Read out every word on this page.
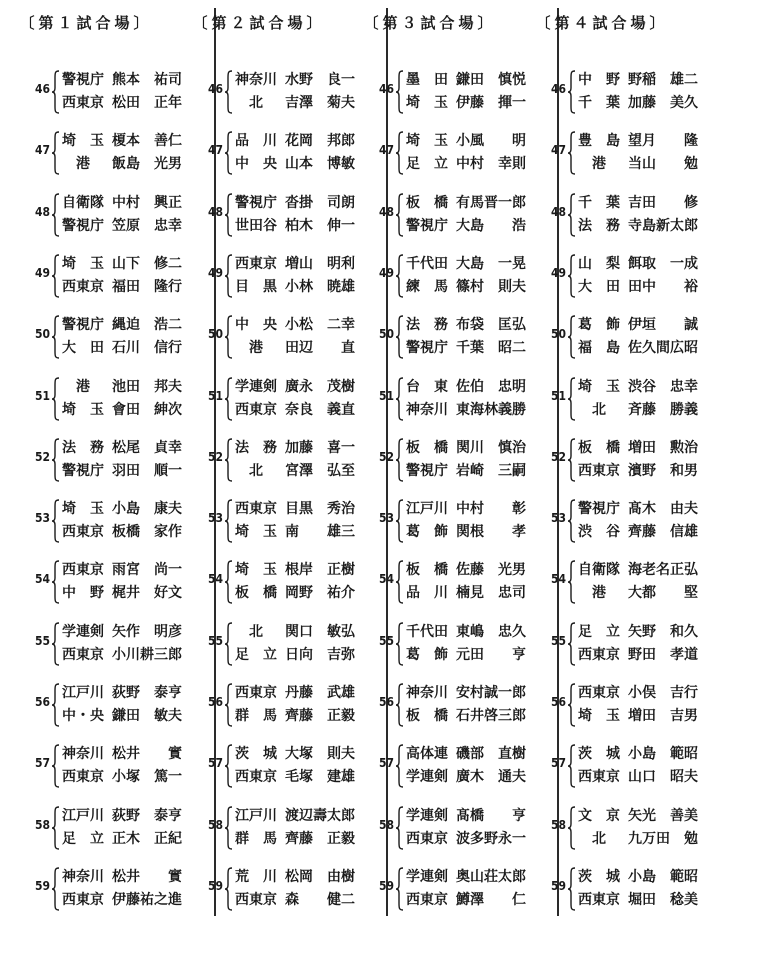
〔第１試合場〕
46
警視庁 熊本　祐司
西東京 松田　正年
47
埼　玉 榎本　善仁
　港	飯島　光男
48
自衛隊 中村　興正
警視庁 笠原　忠幸
49
埼　玉 山下　修二
西東京 福田　隆行
50
警視庁 縄迫　浩二
大　田 石川　信行
51
　港	池田　邦夫
埼　玉 會田　紳次
52
法　務 松尾　貞幸
警視庁 羽田　順一
53
埼　玉 小島　康夫
西東京 板橋　家作
54
西東京 雨宮　尚一
中　野 梶井　好文
55
学連剣 矢作　明彦
西東京 小川耕三郎
56
江戸川 荻野　泰亨
中・央 鎌田　敏夫
57
神奈川 松井　　實
西東京 小塚　篤一
58
江戸川 荻野　泰亨
足　立 正木　正紀
59
神奈川 松井　　實
西東京 伊藤祐之進
〔第２試合場〕
46
神奈川 水野　良一
　北	吉澤　菊夫
47
品　川 花岡　邦郎
中　央 山本　博敏
48
警視庁 沓掛　司朗
世田谷 柏木　伸一
49
西東京 増山　明利
目　黒 小林　暁雄
50
中　央 小松　二幸
　港	田辺　　直
51
学連剣 廣永　茂樹
西東京 奈良　義直
52
法　務 加藤　喜一
　北	宮澤　弘至
53
西東京 目黒　秀治
埼　玉 南　　雄三
54
埼　玉 根岸　正樹
板　橋 岡野　祐介
55
　北	関口　敏弘
足　立 日向　吉弥
56
西東京 丹藤　武雄
群　馬 齊藤　正毅
57
茨　城 大塚　則夫
西東京 毛塚　建雄
58
江戸川 渡辺壽太郎
群　馬 齊藤　正毅
59
荒　川 松岡　由樹
西東京 森　　健二
〔第３試合場〕
46
墨　田 鎌田　慎悦
埼　玉 伊藤　揮一
47
埼　玉 小風　　明
足　立 中村　幸則
48
板　橋 有馬晋一郎
警視庁 大島　　浩
49
千代田 大島　一晃
練　馬 篠村　則夫
50
法　務 布袋　匡弘
警視庁 千葉　昭二
51
台　東 佐伯　忠明
神奈川 東海林義勝
52
板　橋 関川　慎治
警視庁 岩崎　三嗣
53
江戸川 中村　　彰
葛　飾 関根　　孝
54
板　橋 佐藤　光男
品　川 楠見　忠司
55
千代田 東嶋　忠久
葛　飾 元田　　亨
56
神奈川 安村誠一郎
板　橋 石井啓三郎
57
高体連 磯部　直樹
学連剣 廣木　通夫
58
学連剣 髙橋　　亨
西東京 波多野永一
59
学連剣 奥山荘太郎
西東京 鱒澤　　仁
〔第４試合場〕
46
中　野 野稲　雄二
千　葉 加藤　美久
47
豊　島 望月　　隆
　港	当山　　勉
48
千　葉 吉田　　修
法　務 寺島新太郎
49
山　梨 餌取　一成
大　田 田中　　裕
50
葛　飾 伊垣　　誠
福　島 佐久間広昭
51
埼　玉 渋谷　忠幸
　北	斉藤　勝義
52
板　橋 増田　勲治
西東京 濱野　和男
53
警視庁 髙木　由夫
渋　谷 齊藤　信雄
54
自衛隊 海老名正弘
　港	大都　　堅
55
足　立 矢野　和久
西東京 野田　孝道
56
西東京 小俣　吉行
埼　玉 増田　吉男
57
茨　城 小島　範昭
西東京 山口　昭夫
58
文　京 矢光　善美
　北	九万田　勉
59
茨　城 小島　範昭
西東京 堀田　稔美
